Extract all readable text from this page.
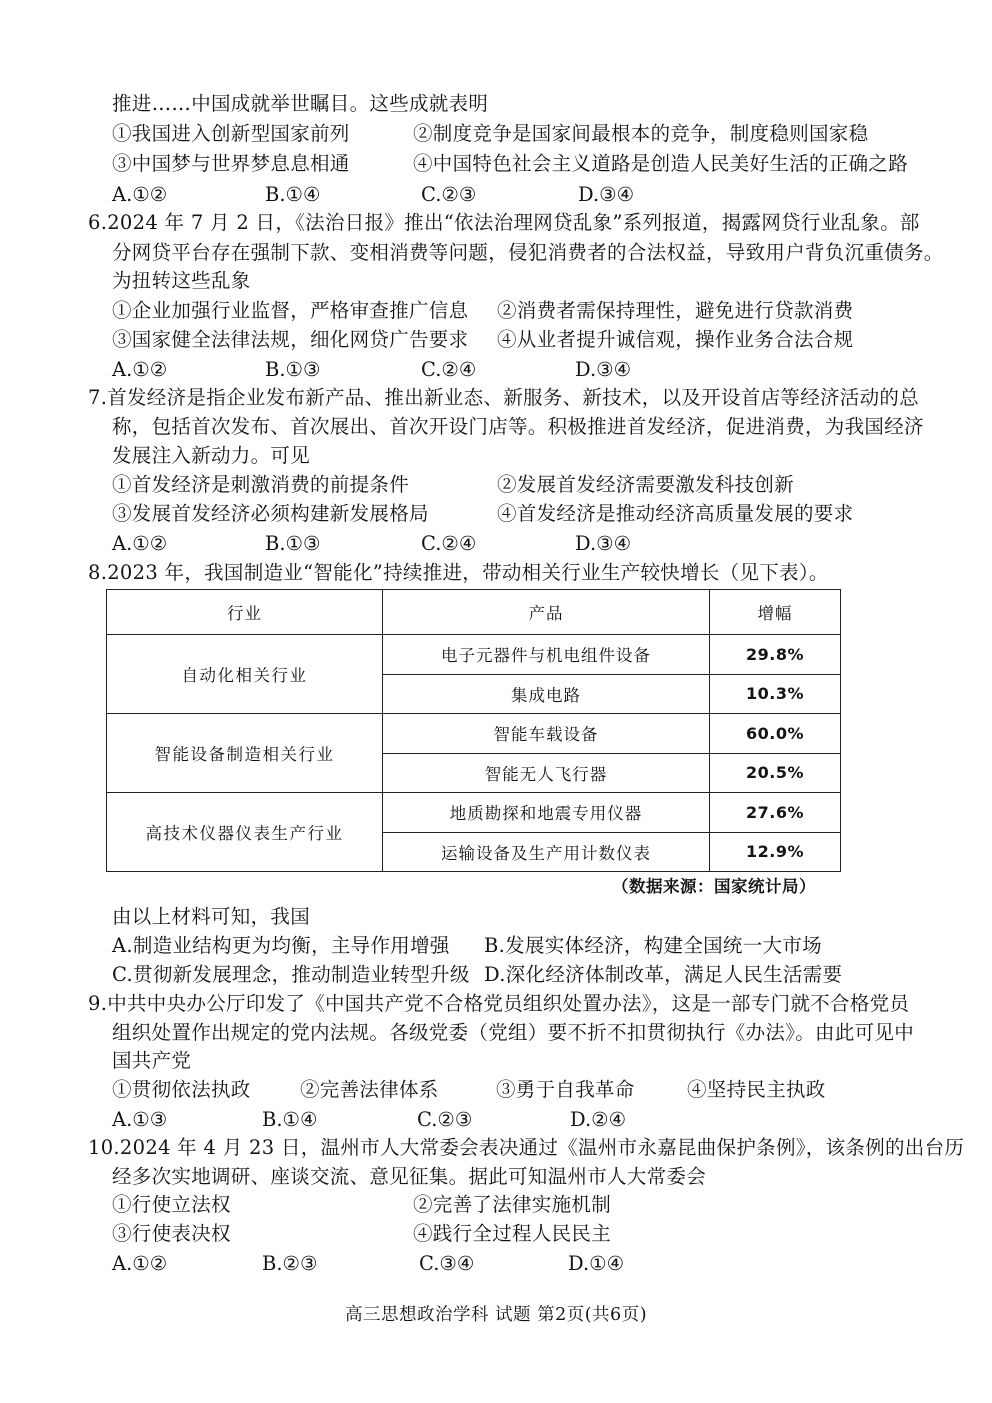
推进……中国成就举世瞩目。这些成就表明
①我国进入创新型国家前列	②制度竞争是国家间最根本的竞争，制度稳则国家稳
③中国梦与世界梦息息相通	④中国特色社会主义道路是创造人民美好生活的正确之路
A.①②	B.①④	C.②③	D.③④
6.2024 年 7 月 2 日，《法治日报》推出“依法治理网贷乱象”系列报道，揭露网贷行业乱象。部
分网贷平台存在强制下款、变相消费等问题，侵犯消费者的合法权益，导致用户背负沉重债务。
为扭转这些乱象
①企业加强行业监督，严格审查推广信息 ②消费者需保持理性，避免进行贷款消费
③国家健全法律法规，细化网贷广告要求 ④从业者提升诚信观，操作业务合法合规
A.①②	B.①③	C.②④	D.③④
7.首发经济是指企业发布新产品、推出新业态、新服务、新技术，以及开设首店等经济活动的总
称，包括首次发布、首次展出、首次开设门店等。积极推进首发经济，促进消费，为我国经济
发展注入新动力。可见
①首发经济是刺激消费的前提条件	②发展首发经济需要激发科技创新
③发展首发经济必须构建新发展格局	④首发经济是推动经济高质量发展的要求
A.①②	B.①③	C.②④	D.③④
8.2023 年，我国制造业“智能化”持续推进，带动相关行业生产较快增长（见下表）。
行业	产品	增幅
自动化相关行业	电子元器件与机电组件设备	29.8%
	集成电路	10.3%
智能设备制造相关行业	智能车载设备	60.0%
	智能无人飞行器	20.5%
高技术仪器仪表生产行业	地质勘探和地震专用仪器	27.6%
	运输设备及生产用计数仪表	12.9%
（数据来源：国家统计局）
由以上材料可知，我国
A.制造业结构更为均衡，主导作用增强 B.发展实体经济，构建全国统一大市场
C.贯彻新发展理念，推动制造业转型升级 D.深化经济体制改革，满足人民生活需要
9.中共中央办公厅印发了《中国共产党不合格党员组织处置办法》，这是一部专门就不合格党员
组织处置作出规定的党内法规。各级党委（党组）要不折不扣贯彻执行《办法》。由此可见中
国共产党
①贯彻依法执政	②完善法律体系	③勇于自我革命	④坚持民主执政
A.①③	B.①④	C.②③	D.②④
10.2024 年 4 月 23 日，温州市人大常委会表决通过《温州市永嘉昆曲保护条例》，该条例的出台历
经多次实地调研、座谈交流、意见征集。据此可知温州市人大常委会
①行使立法权	②完善了法律实施机制
③行使表决权	④践行全过程人民民主
A.①②	B.②③	C.③④	D.①④
高三思想政治学科 试题 第2页(共6页)
